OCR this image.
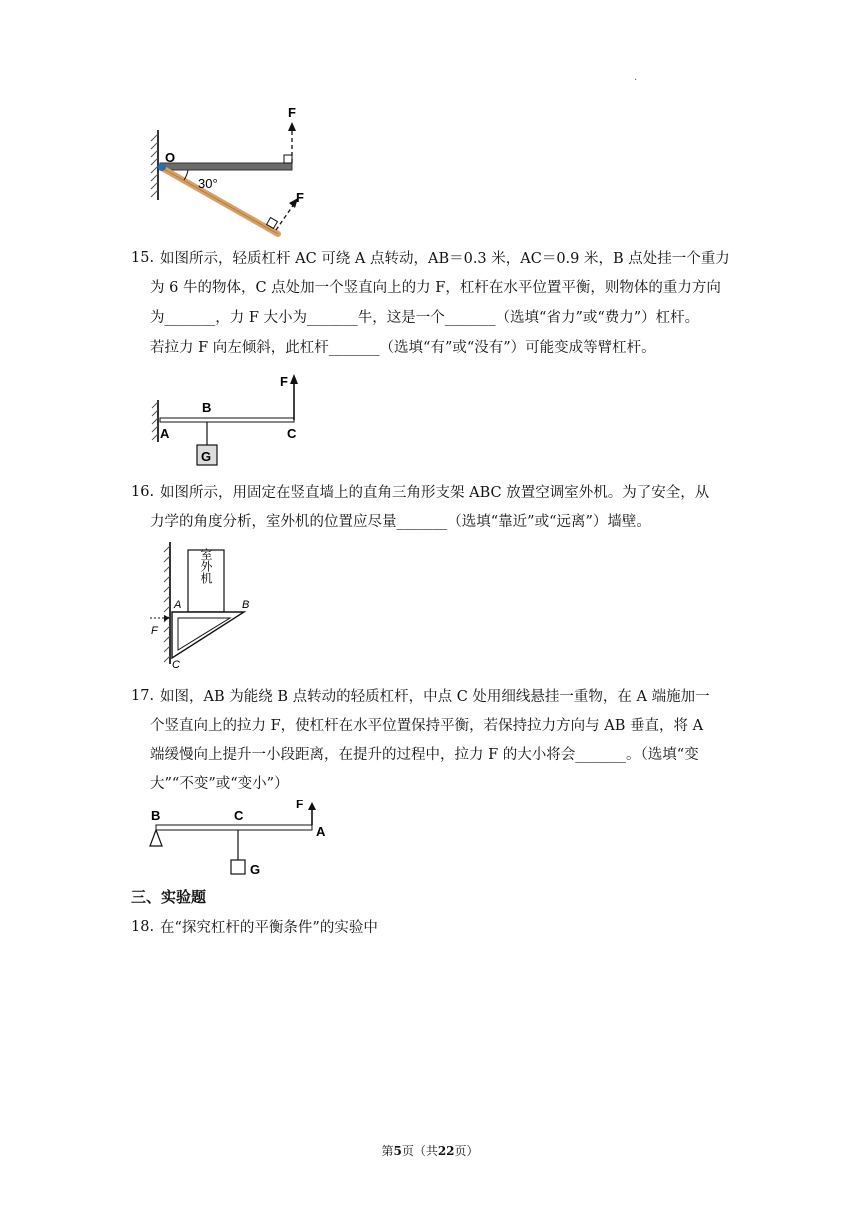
.
O
F
F
30°
15. 如图所示，轻质杠杆 AC 可绕 A 点转动，AB＝0.3 米，AC＝0.9 米，B 点处挂一个重力

为 6 牛的物体，C 点处加一个竖直向上的力 F，杠杆在水平位置平衡，则物体的重力方向

为_______，力 F 大小为_______牛，这是一个_______（选填“省力”或“费力”）杠杆。

若拉力 F 向左倾斜，此杠杆_______（选填“有”或“没有”）可能变成等臂杠杆。

F
B
G
A	C
16. 如图所示，用固定在竖直墙上的直角三角形支架 ABC 放置空调室外机。为了安全，从

力学的角度分析，室外机的位置应尽量_______（选填“靠近”或“远离”）墙壁。

室外机
A	B
C
F
17. 如图，AB 为能绕 B 点转动的轻质杠杆，中点 C 处用细线悬挂一重物，在 A 端施加一

个竖直向上的拉力 F，使杠杆在水平位置保持平衡，若保持拉力方向与 AB 垂直，将 A

端缓慢向上提升一小段距离，在提升的过程中，拉力 F 的大小将会_______。（选填“变

大”“不变”或“变小”）

B	C
F
A
G
三、实验题
18. 在“探究杠杆的平衡条件”的实验中

第5页（共22页）
